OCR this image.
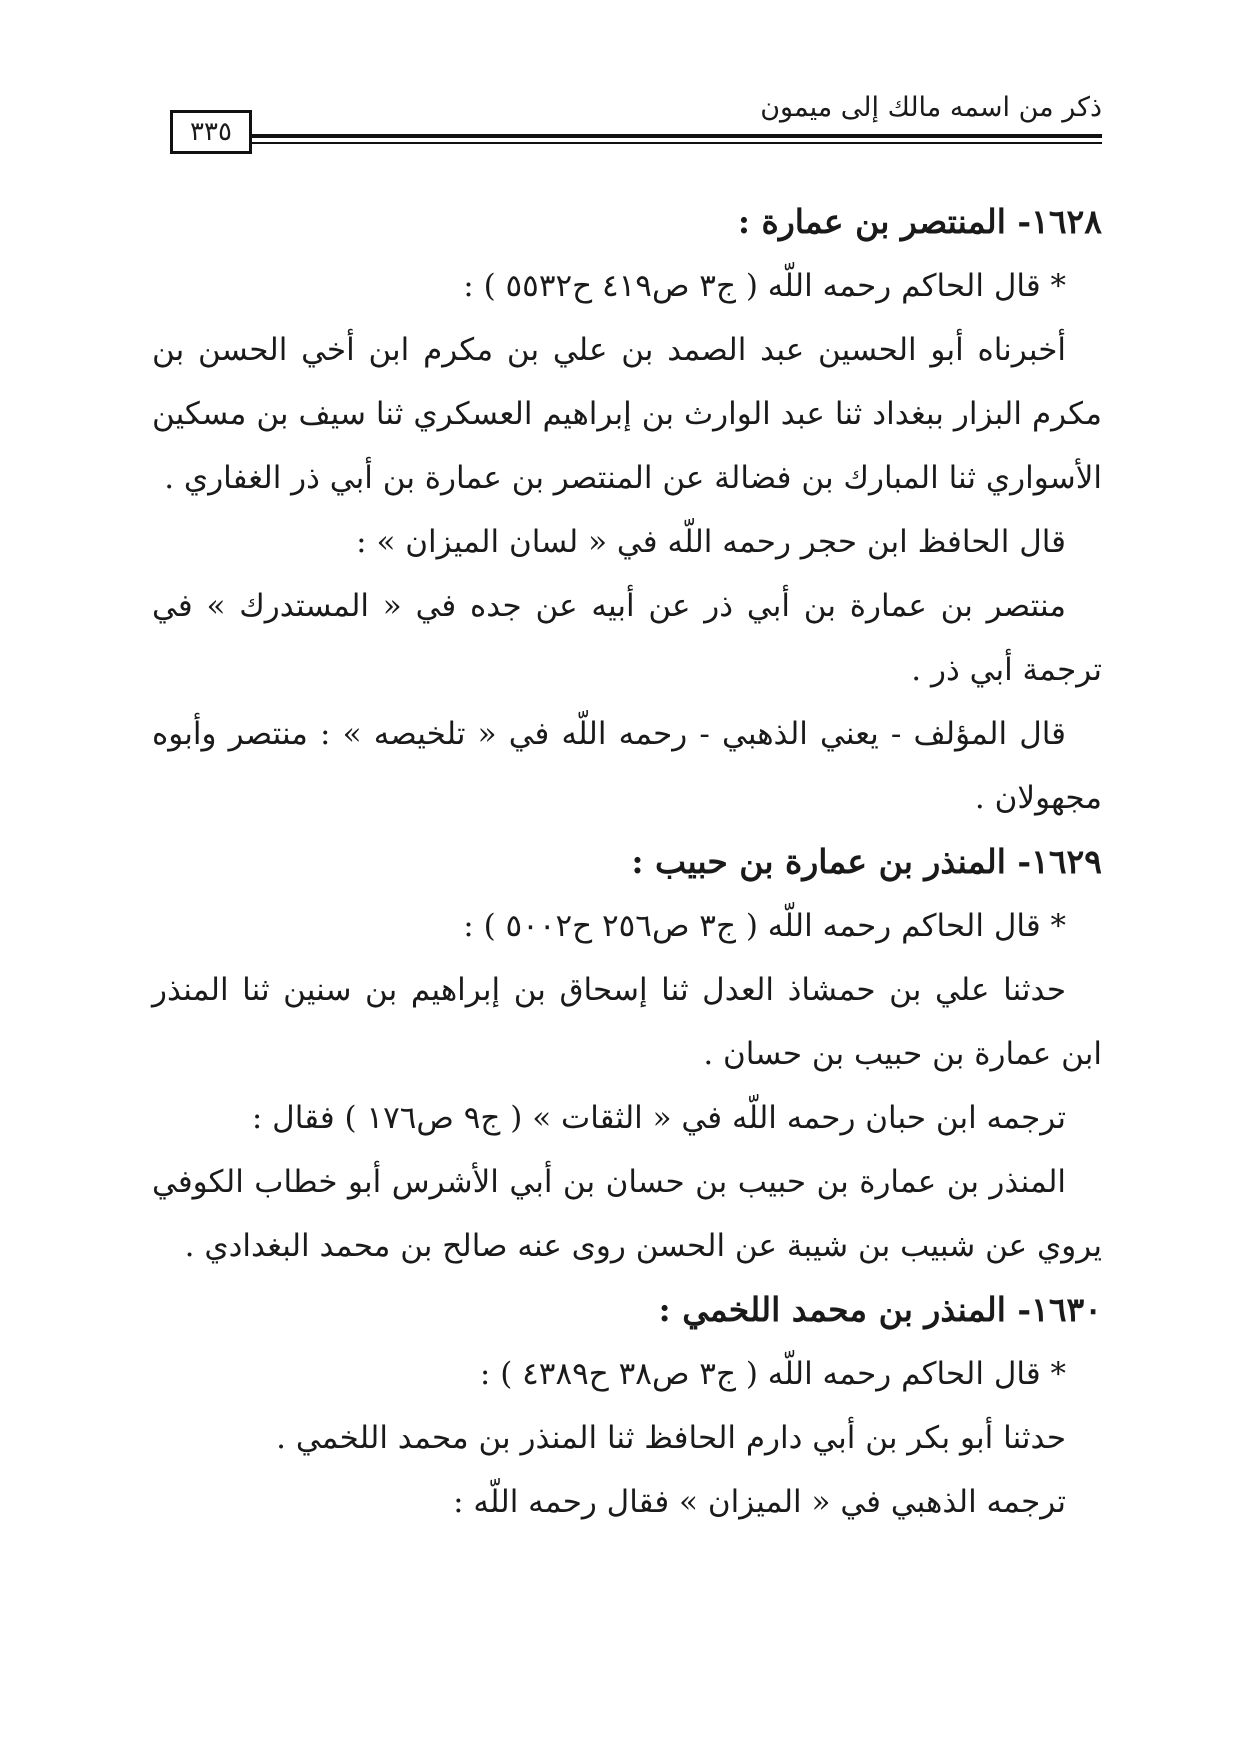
ذكر من اسمه مالك إلى ميمون
٣٣٥

١٦٢٨- المنتصر بن عمارة :

* قال الحاكم رحمه اللّه ( ج٣ ص٤١٩ ح٥٥٣٢ ) :

أخبرناه أبو الحسين عبد الصمد بن علي بن مكرم ابن أخي الحسن بن مكرم البزار ببغداد ثنا عبد الوارث بن إبراهيم العسكري ثنا سيف بن مسكين الأسواري ثنا المبارك بن فضالة عن المنتصر بن عمارة بن أبي ذر الغفاري .

قال الحافظ ابن حجر رحمه اللّه في « لسان الميزان » :

منتصر بن عمارة بن أبي ذر عن أبيه عن جده في « المستدرك » في ترجمة أبي ذر .

قال المؤلف - يعني الذهبي - رحمه اللّه في « تلخيصه » : منتصر وأبوه مجهولان .

١٦٢٩- المنذر بن عمارة بن حبيب :

* قال الحاكم رحمه اللّه ( ج٣ ص٢٥٦ ح٥٠٠٢ ) :

حدثنا علي بن حمشاذ العدل ثنا إسحاق بن إبراهيم بن سنين ثنا المنذر ابن عمارة بن حبيب بن حسان .

ترجمه ابن حبان رحمه اللّه في « الثقات » ( ج٩ ص١٧٦ ) فقال :

المنذر بن عمارة بن حبيب بن حسان بن أبي الأشرس أبو خطاب الكوفي يروي عن شبيب بن شيبة عن الحسن روى عنه صالح بن محمد البغدادي .

١٦٣٠- المنذر بن محمد اللخمي :

* قال الحاكم رحمه اللّه ( ج٣ ص٣٨ ح٤٣٨٩ ) :

حدثنا أبو بكر بن أبي دارم الحافظ ثنا المنذر بن محمد اللخمي .

ترجمه الذهبي في « الميزان » فقال رحمه اللّه :
